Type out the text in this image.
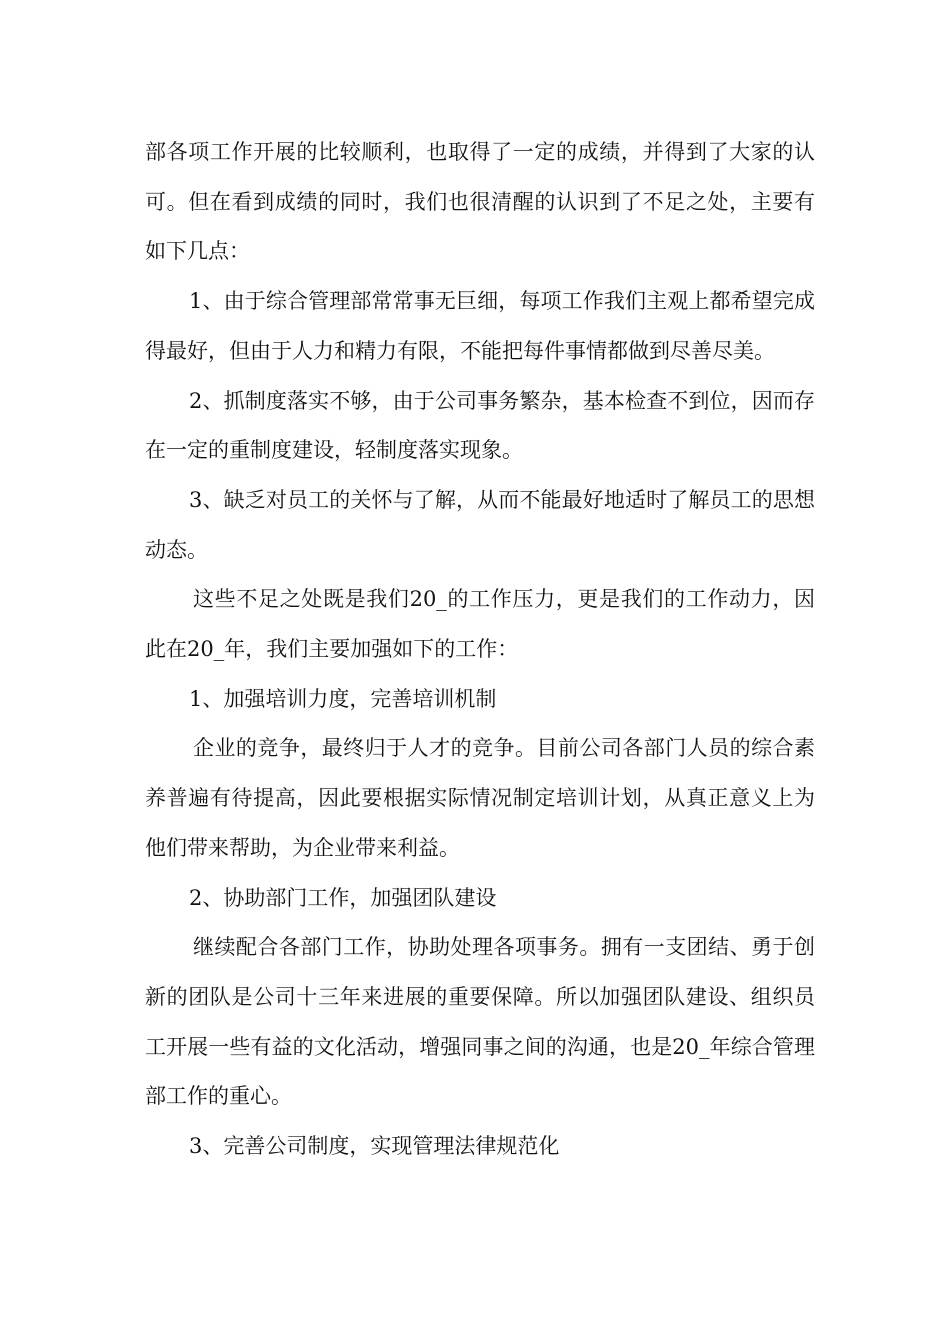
部各项工作开展的比较顺利，也取得了一定的成绩，并得到了大家的认可。但在看到成绩的同时，我们也很清醒的认识到了不足之处，主要有如下几点：

1、由于综合管理部常常事无巨细，每项工作我们主观上都希望完成得最好，但由于人力和精力有限，不能把每件事情都做到尽善尽美。

2、抓制度落实不够，由于公司事务繁杂，基本检查不到位，因而存在一定的重制度建设，轻制度落实现象。

3、缺乏对员工的关怀与了解，从而不能最好地适时了解员工的思想动态。

这些不足之处既是我们20_的工作压力，更是我们的工作动力，因此在20_年，我们主要加强如下的工作：

1、加强培训力度，完善培训机制

企业的竞争，最终归于人才的竞争。目前公司各部门人员的综合素养普遍有待提高，因此要根据实际情况制定培训计划，从真正意义上为他们带来帮助，为企业带来利益。

2、协助部门工作，加强团队建设

继续配合各部门工作，协助处理各项事务。拥有一支团结、勇于创新的团队是公司十三年来进展的重要保障。所以加强团队建设、组织员工开展一些有益的文化活动，增强同事之间的沟通，也是20_年综合管理部工作的重心。

3、完善公司制度，实现管理法律规范化
